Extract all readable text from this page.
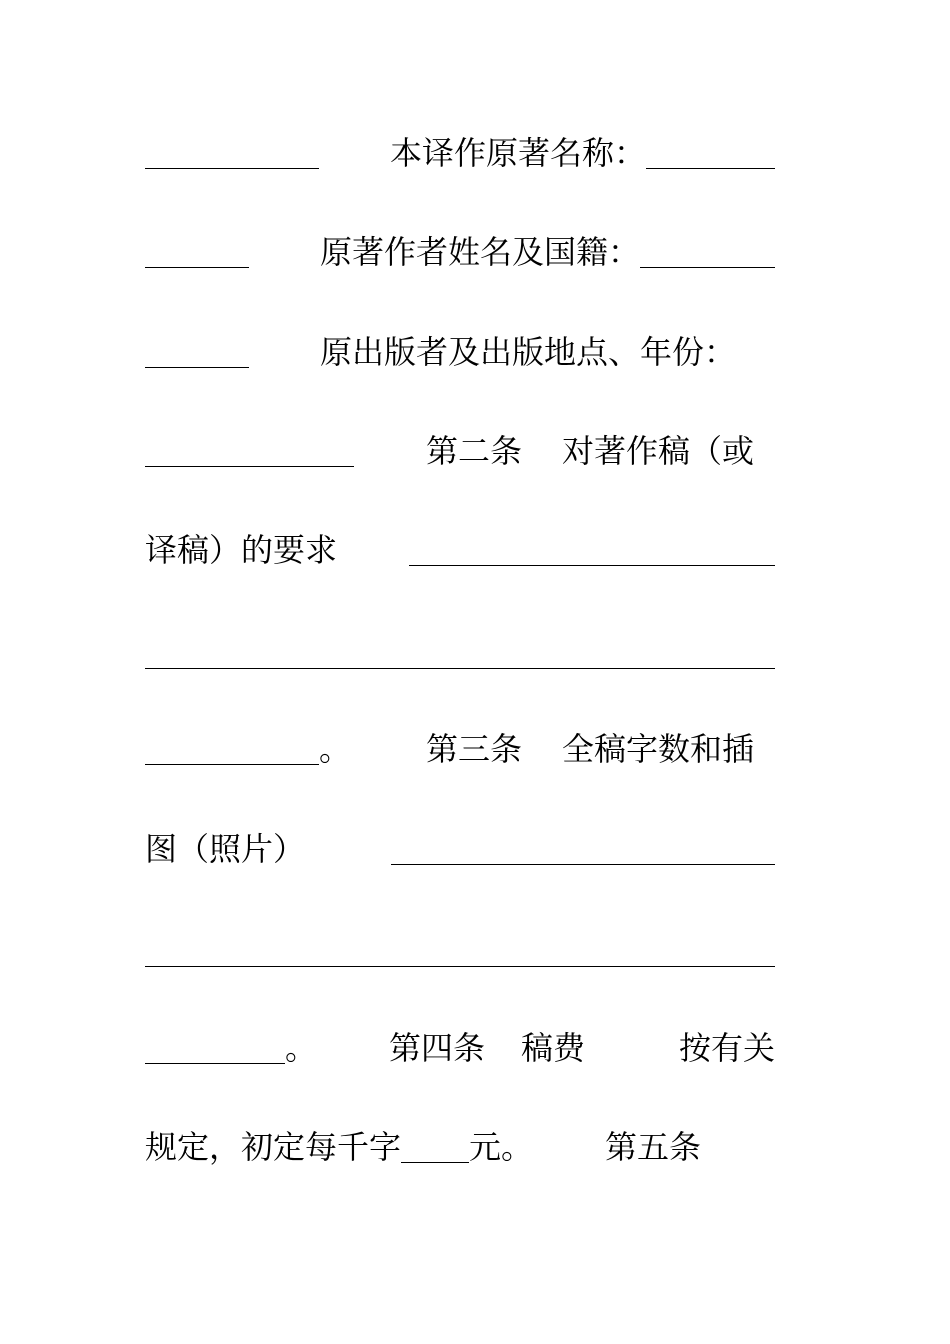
本译作原著名称：
原著作者姓名及国籍：
原出版者及出版地点、年份：
第二条 对著作稿（或
译稿）的要求
。 第三条 全稿字数和插
图（照片）
。 第四条 稿费	按有关
规定，初定每千字 元。 第五条
